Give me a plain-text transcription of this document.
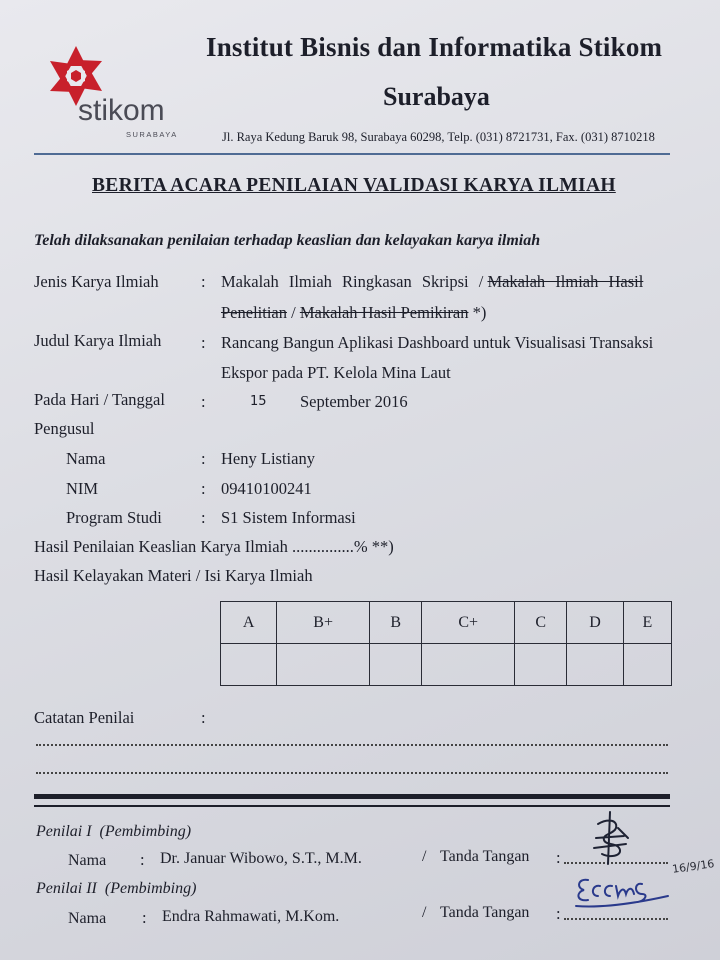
stikom
SURABAYA
Institut Bisnis dan Informatika Stikom
Surabaya
Jl. Raya Kedung Baruk 98, Surabaya 60298, Telp. (031) 8721731, Fax. (031) 8710218
BERITA ACARA PENILAIAN VALIDASI KARYA ILMIAH
Telah dilaksanakan penilaian terhadap keaslian dan kelayakan karya ilmiah
Jenis Karya Ilmiah	: Makalah Ilmiah Ringkasan Skripsi / Makalah Ilmiah Hasil
Penelitian / Makalah Hasil Pemikiran *)
Judul Karya Ilmiah : Rancang Bangun Aplikasi Dashboard untuk Visualisasi Transaksi
Ekspor pada PT. Kelola Mina Laut
Pada Hari / Tanggal :	15 September 2016
Pengusul
Nama	: Heny Listiany
NIM	: 09410100241
Program Studi : S1 Sistem Informasi
Hasil Penilaian Keaslian Karya Ilmiah ...............% **)
Hasil Kelayakan Materi / Isi Karya Ilmiah
A	B+	B	C+	C	D	E

Catatan Penilai	:
Penilai I (Pembimbing)
Nama : Dr. Januar Wibowo, S.T., M.M.	/ Tanda Tangan :
Penilai II (Pembimbing)
Nama : Endra Rahmawati, M.Kom.	/ Tanda Tangan :
16/9/16
